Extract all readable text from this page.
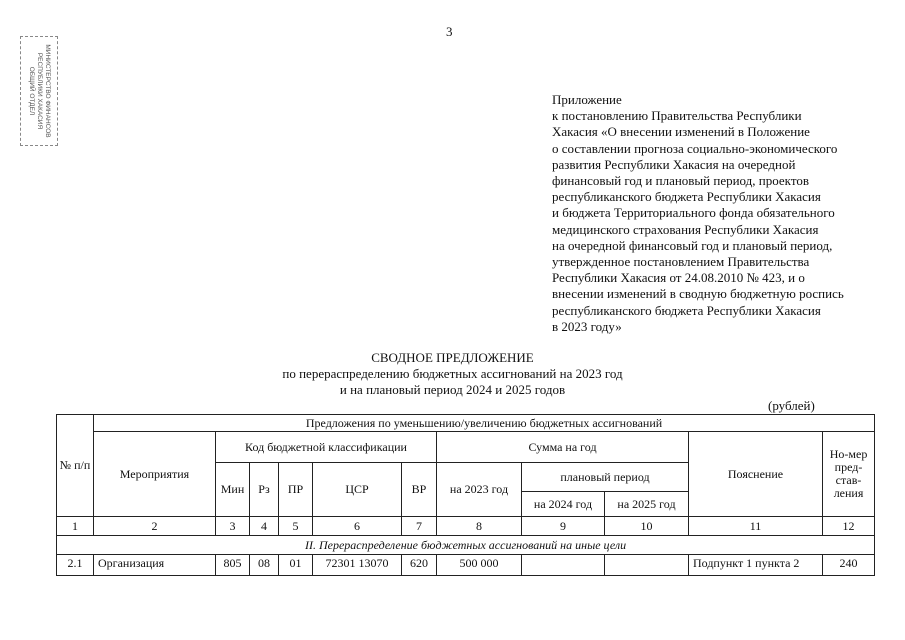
3
МИНИСТЕРСТВО ФИНАНСОВ
РЕСПУБЛИКИ ХАКАСИЯ
ОБЩИЙ ОТДЕЛ	Приложение
к постановлению Правительства Республики
Хакасия «О внесении изменений в Положение
о составлении прогноза социально-экономического
развития Республики Хакасия на очередной
финансовый год и плановый период, проектов
республиканского бюджета Республики Хакасия
и бюджета Территориального фонда обязательного
медицинского страхования Республики Хакасия
на очередной финансовый год и плановый период,
утвержденное постановлением Правительства
Республики Хакасия от 24.08.2010 № 423, и о
внесении изменений в сводную бюджетную роспись
республиканского бюджета Республики Хакасия
в 2023 году»
СВОДНОЕ ПРЕДЛОЖЕНИЕ
по перераспределению бюджетных ассигнований на 2023 год
и на плановый период 2024 и 2025 годов
(рублей)
№ п/п	Предложения по уменьшению/увеличению бюджетных ассигнований										
	Мероприятия	Код бюджетной классификации					Сумма на год			Пояснение	Но-мер пред-став-ления
		Мин	Рз	ПР	ЦСР	ВР	на 2023 год	плановый период			
								на 2024 год	на 2025 год		
1	2	3	4	5	6	7	8	9	10	11	12
II. Перераспределение бюджетных ассигнований на иные цели											
2.1	Организация	805	08	01	72301 13070	620	500 000			Подпункт 1 пункта 2	240
